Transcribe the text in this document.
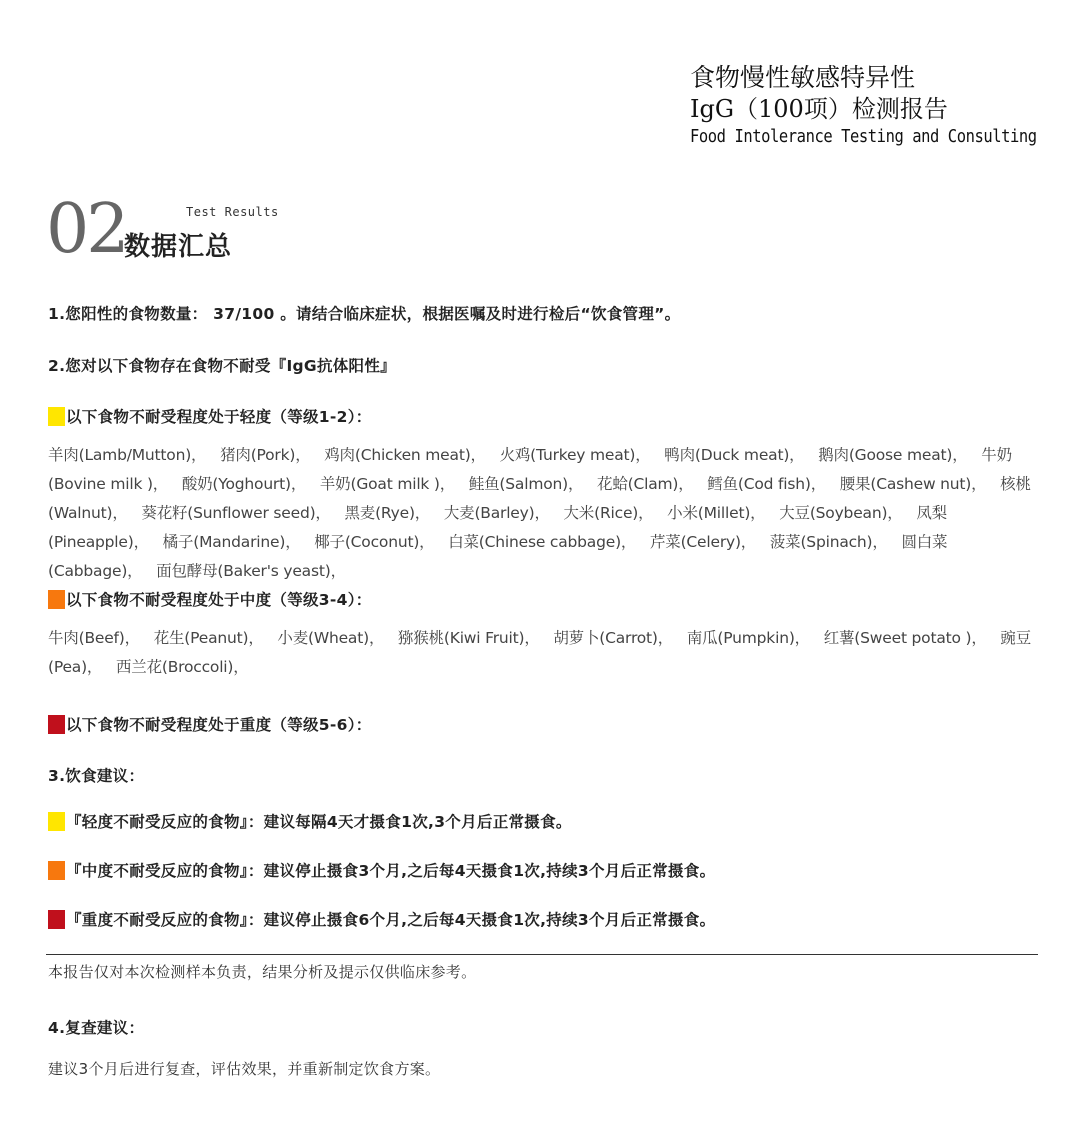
食物慢性敏感特异性
IgG（100项）检测报告
Food Intolerance Testing and Consulting
02	Test Results
数据汇总
1.您阳性的食物数量： 37/100 。请结合临床症状，根据医嘱及时进行检后“饮食管理”。
2.您对以下食物存在食物不耐受『IgG抗体阳性』
以下食物不耐受程度处于轻度（等级1-2）：
羊肉(Lamb/Mutton)， 猪肉(Pork)， 鸡肉(Chicken meat)， 火鸡(Turkey meat)， 鸭肉(Duck meat)， 鹅肉(Goose meat)， 牛奶(Bovine milk )， 酸奶(Yoghourt)， 羊奶(Goat milk )， 鲑鱼(Salmon)， 花蛤(Clam)， 鳕鱼(Cod fish)， 腰果(Cashew nut)， 核桃(Walnut)， 葵花籽(Sunflower seed)， 黑麦(Rye)， 大麦(Barley)， 大米(Rice)， 小米(Millet)， 大豆(Soybean)， 凤梨(Pineapple)， 橘子(Mandarine)， 椰子(Coconut)， 白菜(Chinese cabbage)， 芹菜(Celery)， 菠菜(Spinach)， 圆白菜(Cabbage)， 面包酵母(Baker's yeast)，
以下食物不耐受程度处于中度（等级3-4）：
牛肉(Beef)， 花生(Peanut)， 小麦(Wheat)， 猕猴桃(Kiwi Fruit)， 胡萝卜(Carrot)， 南瓜(Pumpkin)， 红薯(Sweet potato )， 豌豆(Pea)， 西兰花(Broccoli)，
以下食物不耐受程度处于重度（等级5-6）：
3.饮食建议：
『轻度不耐受反应的食物』：建议每隔4天才摄食1次,3个月后正常摄食。
『中度不耐受反应的食物』：建议停止摄食3个月,之后每4天摄食1次,持续3个月后正常摄食。
『重度不耐受反应的食物』：建议停止摄食6个月,之后每4天摄食1次,持续3个月后正常摄食。
本报告仅对本次检测样本负责，结果分析及提示仅供临床参考。
4.复查建议：
建议3个月后进行复查，评估效果，并重新制定饮食方案。
